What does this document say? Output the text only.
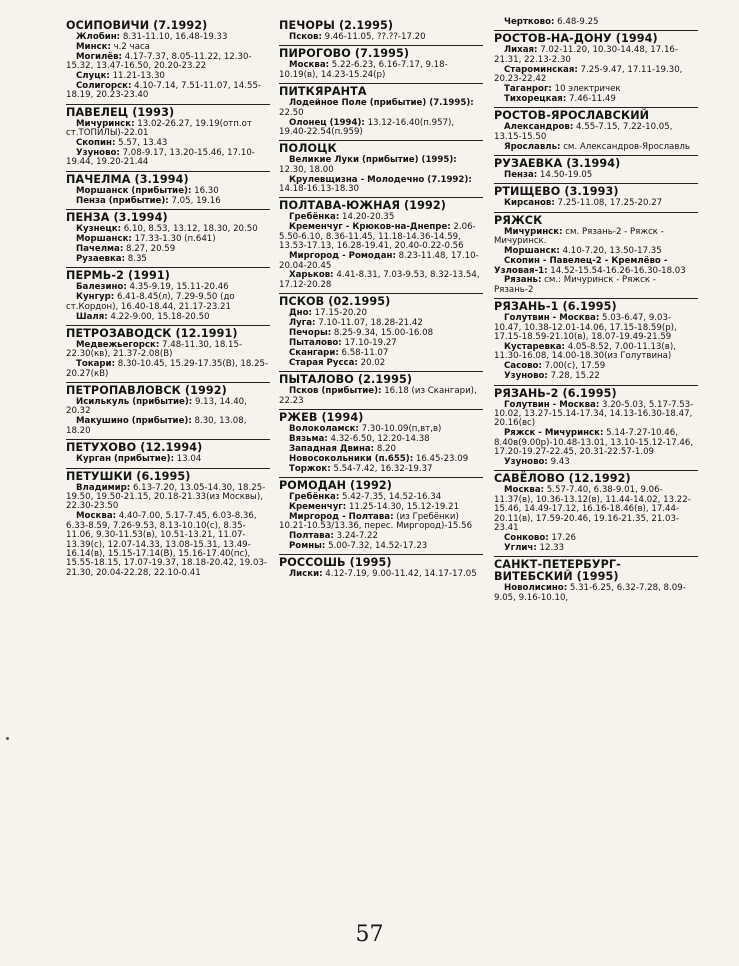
ОСИПОВИЧИ (7.1992)
Жлобин: 8.31-11.10, 16.48-19.33
Минск: ч.2 часа
Могилёв: 4.17-7.37, 8.05-11.22, 12.30-15.32, 13.47-16.50, 20.20-23.22
Слуцк: 11.21-13.30
Солигорск: 4.10-7.14, 7.51-11.07, 14.55-18.19, 20.23-23.40
ПАВЕЛЕЦ (1993)
Мичуринск: 13.02-26.27, 19.19(отп.от ст.ТОПИЛЫ)-22.01
Скопин: 5.57, 13.43
Узуново: 7.08-9.17, 13.20-15.46, 17.10-19.44, 19.20-21.44
ПАЧЕЛМА (3.1994)
Моршанск (прибытие): 16.30
Пенза (прибытие): 7.05, 19.16
ПЕНЗА (3.1994)
Кузнецк: 6.10, 8.53, 13.12, 18.30, 20.50
Моршанск: 17.33-1.30 (п.641)
Пачелма: 8.27, 20.59
Рузаевка: 8.35
ПЕРМЬ-2 (1991)
Балезино: 4.35-9.19, 15.11-20.46
Кунгур: 6.41-8.45(л), 7.29-9.50 (до ст.Кордон), 16.40-18.44, 21.17-23.21
Шаля: 4.22-9.00, 15.18-20.50
ПЕТРОЗАВОДСК (12.1991)
Медвежьегорск: 7.48-11.30, 18.15-22.30(кв), 21.37-2.08(В)
Токари: 8.30-10.45, 15.29-17.35(В), 18.25-20.27(кВ)
ПЕТРОПАВЛОВСК (1992)
Исилькуль (прибытие): 9.13, 14.40, 20.32
Макушино (прибытие): 8.30, 13.08, 18.20
ПЕТУХОВО (12.1994)
Курган (прибытие): 13.04
ПЕТУШКИ (6.1995)
Владимир: 6.13-7.20, 13.05-14.30, 18.25-19.50, 19.50-21.15, 20.18-21.33(из Москвы), 22.30-23.50
Москва: 4.40-7.00, 5.17-7.45, 6.03-8.36, 6.33-8.59, 7.26-9.53, 8.13-10.10(с), 8.35-11.06, 9.30-11.53(в), 10.51-13.21, 11.07-13.39(с), 12.07-14.33, 13.08-15.31, 13.49-16.14(в), 15.15-17.14(В), 15.16-17.40(пс), 15.55-18.15, 17.07-19.37, 18.18-20.42, 19.03-21.30, 20.04-22.28, 22.10-0.41
ПЕЧОРЫ (2.1995)
Псков: 9.46-11.05, ??.??-17.20
ПИРОГОВО (7.1995)
Москва: 5.22-6.23, 6.16-7.17, 9.18-10.19(в), 14.23-15.24(р)
ПИТКЯРАНТА
Лодейное Поле (прибытие) (7.1995): 22.50
Олонец (1994): 13.12-16.40(п.957), 19.40-22.54(п.959)
ПОЛОЦК
Великие Луки (прибытие) (1995): 12.30, 18.00
Крулевщизна - Молодечно (7.1992): 14.18-16.13-18.30
ПОЛТАВА-ЮЖНАЯ (1992)
Гребёнка: 14.20-20.35
Кременчуг - Крюков-на-Днепре: 2.06-5.50-6.10, 8.36-11.45, 11.18-14.36-14.59, 13.53-17.13, 16.28-19.41, 20.40-0.22-0.56
Миргород - Ромодан: 8.23-11.48, 17.10-20.04-20.45
Харьков: 4.41-8.31, 7.03-9.53, 8.32-13.54, 17.12-20.28
ПСКОВ (02.1995)
Дно: 17.15-20.20
Луга: 7.10-11.07, 18.28-21.42
Печоры: 8.25-9.34, 15.00-16.08
Пыталово: 17.10-19.27
Скангари: 6.58-11.07
Старая Русса: 20.02
ПЫТАЛОВО (2.1995)
Псков (прибытие): 16.18 (из Скангари), 22.23
РЖЕВ (1994)
Волоколамск: 7.30-10.09(п,вт,в)
Вязьма: 4.32-6.50, 12.20-14.38
Западная Двина: 8.20
Новосокольники (п.655): 16.45-23.09
Торжок: 5.54-7.42, 16.32-19.37
РОМОДАН (1992)
Гребёнка: 5.42-7.35, 14.52-16.34
Кременчуг: 11.25-14.30, 15.12-19.21
Миргород - Полтава: (из Гребёнки) 10.21-10.53/13.36, перес. Миргород)-15.56
Полтава: 3.24-7.22
Ромны: 5.00-7.32, 14.52-17.23
РОССОШЬ (1995)
Лиски: 4.12-7.19, 9.00-11.42, 14.17-17.05
Чертково: 6.48-9.25
РОСТОВ-НА-ДОНУ (1994)
Лихая: 7.02-11.20, 10.30-14.48, 17.16-21.31, 22.13-2.30
Староминская: 7.25-9.47, 17.11-19.30, 20.23-22.42
Таганрог: 10 электричек
Тихорецкая: 7.46-11.49
РОСТОВ-ЯРОСЛАВСКИЙ
Александров: 4.55-7.15, 7.22-10.05, 13.15-15.50
Ярославль: см. Александров-Ярославль
РУЗАЕВКА (3.1994)
Пенза: 14.50-19.05
РТИЩЕВО (3.1993)
Кирсанов: 7.25-11.08, 17.25-20.27
РЯЖСК
Мичуринск: см. Рязань-2 - Ряжск - Мичуринск.
Моршанск: 4.10-7.20, 13.50-17.35
Скопин - Павелец-2 - Кремлёво - Узловая-1: 14.52-15.54-16.26-16.30-18.03
Рязань: см.: Мичуринск - Ряжск - Рязань-2
РЯЗАНЬ-1 (6.1995)
Голутвин - Москва: 5.03-6.47, 9.03-10.47, 10.38-12.01-14.06, 17.15-18.59(р), 17.15-18.59-21.10(в), 18.07-19.49-21.59
Кустаревка: 4.05-8.52, 7.00-11.13(в), 11.30-16.08, 14.00-18.30(из Голутвина)
Сасово: 7.00(с), 17.59
Узуново: 7.28, 15.22
РЯЗАНЬ-2 (6.1995)
Голутвин - Москва: 3.20-5.03, 5.17-7.53-10.02, 13.27-15.14-17.34, 14.13-16.30-18.47, 20.16(вс)
Ряжск - Мичуринск: 5.14-7.27-10.46, 8.40в(9.00р)-10.48-13.01, 13.10-15.12-17.46, 17.20-19.27-22.45, 20.31-22.57-1.09
Узуново: 9.43
САВЁЛОВО (12.1992)
Москва: 5.57-7.40, 6.38-9.01, 9.06-11.37(в), 10.36-13.12(в), 11.44-14.02, 13.22-15.46, 14.49-17.12, 16.16-18.46(в), 17.44-20.11(в), 17.59-20.46, 19.16-21.35, 21.03-23.41
Сонково: 17.26
Углич: 12.33
САНКТ-ПЕТЕРБУРГ-ВИТЕБСКИЙ (1995)
Новолисино: 5.31-6.25, 6.32-7.28, 8.09-9.05, 9.16-10.10,
57
